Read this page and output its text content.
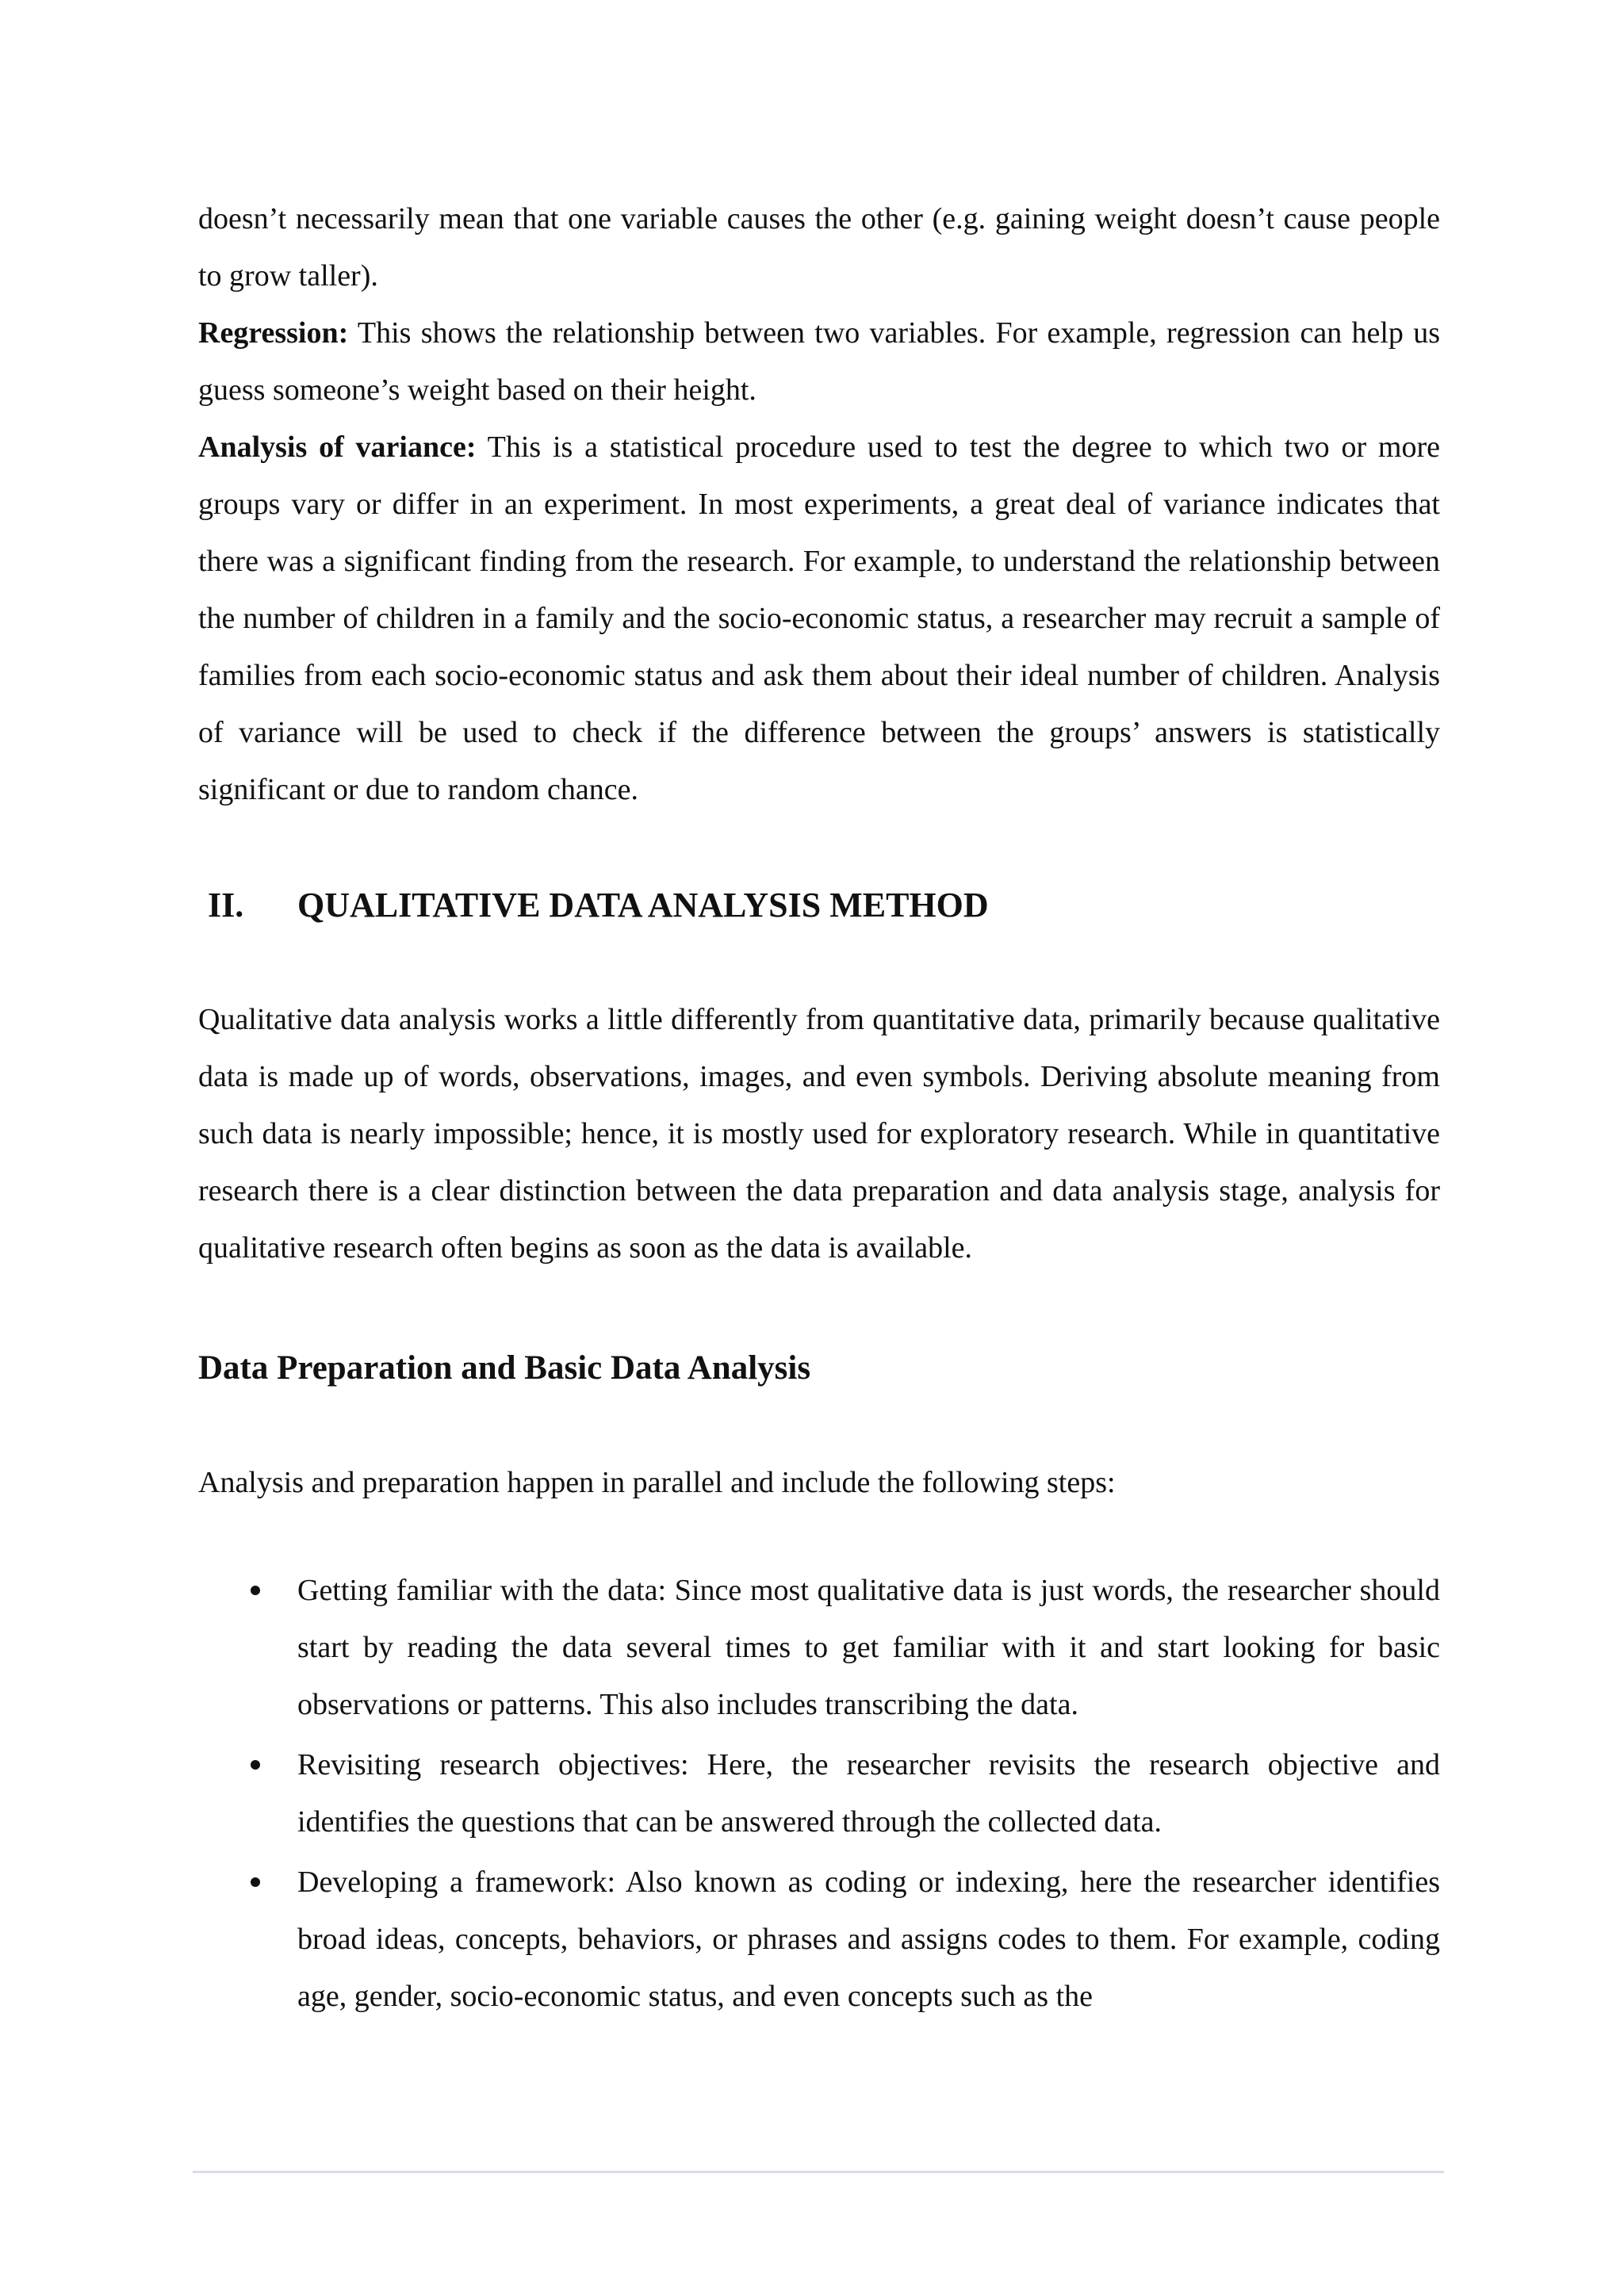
doesn’t necessarily mean that one variable causes the other (e.g. gaining weight doesn’t cause people to grow taller).

Regression: This shows the relationship between two variables. For example, regression can help us guess someone’s weight based on their height.

Analysis of variance: This is a statistical procedure used to test the degree to which two or more groups vary or differ in an experiment. In most experiments, a great deal of variance indicates that there was a significant finding from the research. For example, to understand the relationship between the number of children in a family and the socio-economic status, a researcher may recruit a sample of families from each socio-economic status and ask them about their ideal number of children. Analysis of variance will be used to check if the difference between the groups’ answers is statistically significant or due to random chance.

II.	QUALITATIVE DATA ANALYSIS METHOD

Qualitative data analysis works a little differently from quantitative data, primarily because qualitative data is made up of words, observations, images, and even symbols. Deriving absolute meaning from such data is nearly impossible; hence, it is mostly used for exploratory research. While in quantitative research there is a clear distinction between the data preparation and data analysis stage, analysis for qualitative research often begins as soon as the data is available.

Data Preparation and Basic Data Analysis

Analysis and preparation happen in parallel and include the following steps:

Getting familiar with the data: Since most qualitative data is just words, the researcher should start by reading the data several times to get familiar with it and start looking for basic observations or patterns. This also includes transcribing the data.

Revisiting research objectives: Here, the researcher revisits the research objective and identifies the questions that can be answered through the collected data.

Developing a framework: Also known as coding or indexing, here the researcher identifies broad ideas, concepts, behaviors, or phrases and assigns codes to them. For example, coding age, gender, socio-economic status, and even concepts such as the
